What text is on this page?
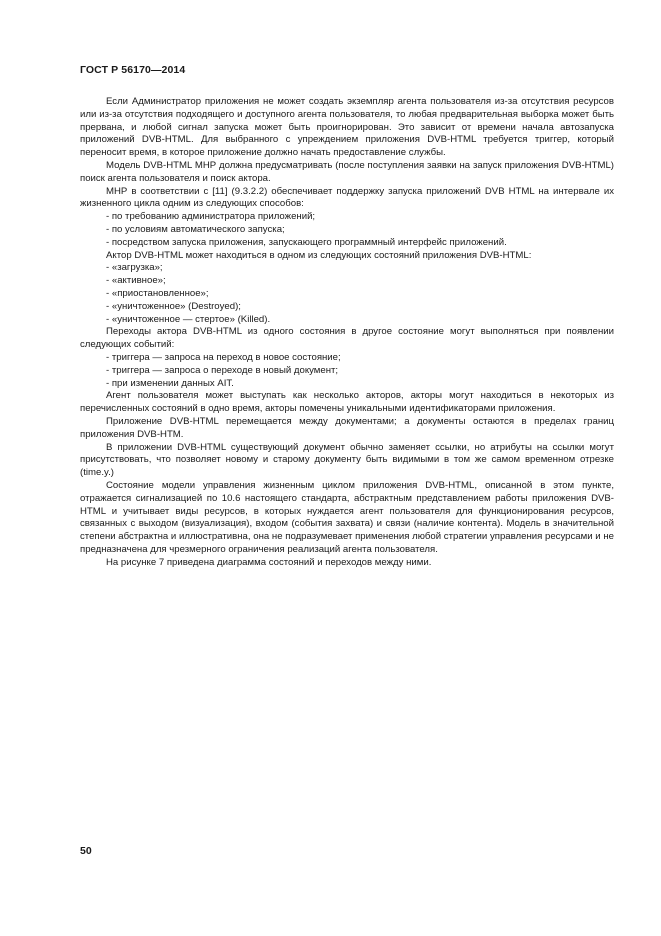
ГОСТ Р 56170—2014

Если Администратор приложения не может создать экземпляр агента пользователя из-за отсутствия ресурсов или из-за отсутствия подходящего и доступного агента пользователя, то любая предварительная выборка может быть прервана, и любой сигнал запуска может быть проигнорирован. Это зависит от времени начала автозапуска приложений DVB-HTML. Для выбранного с упреждением приложения DVB-HTML требуется триггер, который переносит время, в которое приложение должно начать предоставление службы.

Модель DVB-HTML МНР должна предусматривать (после поступления заявки на запуск приложения DVB-HTML) поиск агента пользователя и поиск актора.

МНР в соответствии с [11] (9.3.2.2) обеспечивает поддержку запуска приложений DVB HTML на интервале их жизненного цикла одним из следующих способов:

- по требованию администратора приложений;

- по условиям автоматического запуска;

- посредством запуска приложения, запускающего программный интерфейс приложений.

Актор DVB-HTML может находиться в одном из следующих состояний приложения DVB-HTML:

- «загрузка»;

- «активное»;

- «приостановленное»;

- «уничтоженное» (Destroyed);

- «уничтоженное — стертое» (Killed).

Переходы актора DVB-HTML из одного состояния в другое состояние могут выполняться при появлении следующих событий:

- триггера — запроса на переход в новое состояние;

- триггера — запроса о переходе в новый документ;

- при изменении данных AIT.

Агент пользователя может выступать как несколько акторов, акторы могут находиться в некоторых из перечисленных состояний в одно время, акторы помечены уникальными идентификаторами приложения.

Приложение DVB-HTML перемещается между документами; а документы остаются в пределах границ приложения DVB-HTM.

В приложении DVB-HTML существующий документ обычно заменяет ссылки, но атрибуты на ссылки могут присутствовать, что позволяет новому и старому документу быть видимыми в том же самом временном отрезке (time.y.)

Состояние модели управления жизненным циклом приложения DVB-HTML, описанной в этом пункте, отражается сигнализацией по 10.6 настоящего стандарта, абстрактным представлением работы приложения DVB-HTML и учитывает виды ресурсов, в которых нуждается агент пользователя для функционирования ресурсов, связанных с выходом (визуализация), входом (события захвата) и связи (наличие контента). Модель в значительной степени абстрактна и иллюстративна, она не подразумевает применения любой стратегии управления ресурсами и не предназначена для чрезмерного ограничения реализаций агента пользователя.

На рисунке 7 приведена диаграмма состояний и переходов между ними.

50
